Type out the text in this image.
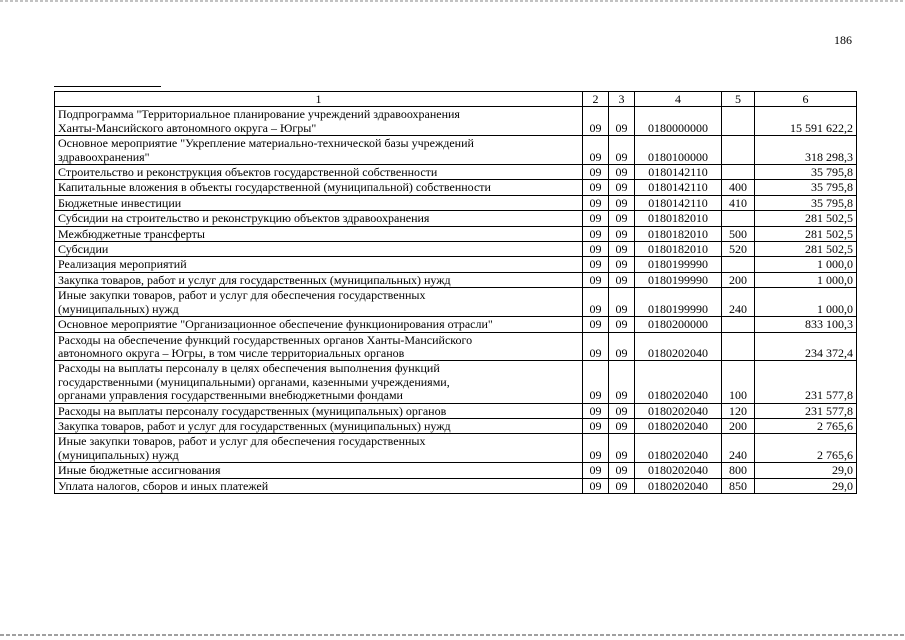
186
1	2	3	4	5	6

Подпрограмма "Территориальное планирование учреждений здравоохранения
Ханты-Мансийского автономного округа – Югры"	09	09	0180000000		15 591 622,2

Основное мероприятие "Укрепление материально-технической базы учреждений
здравоохранения"	09	09	0180100000		318 298,3

Строительство и реконструкция объектов государственной собственности	09	09	0180142110		35 795,8

Капитальные вложения в объекты государственной (муниципальной) собственности	09	09	0180142110	400	35 795,8

Бюджетные инвестиции	09	09	0180142110	410	35 795,8

Субсидии на строительство и реконструкцию объектов здравоохранения	09	09	0180182010		281 502,5

Межбюджетные трансферты	09	09	0180182010	500	281 502,5

Субсидии	09	09	0180182010	520	281 502,5

Реализация мероприятий	09	09	0180199990		1 000,0

Закупка товаров, работ и услуг для государственных (муниципальных) нужд	09	09	0180199990	200	1 000,0

Иные закупки товаров, работ и услуг для обеспечения государственных
(муниципальных) нужд	09	09	0180199990	240	1 000,0

Основное мероприятие "Организационное обеспечение функционирования отрасли"	09	09	0180200000		833 100,3

Расходы на обеспечение функций государственных органов Ханты-Мансийского
автономного округа – Югры, в том числе территориальных органов	09	09	0180202040		234 372,4

Расходы на выплаты персоналу в целях обеспечения выполнения функций
государственными (муниципальными) органами, казенными учреждениями,
органами управления государственными внебюджетными фондами	09	09	0180202040	100	231 577,8

Расходы на выплаты персоналу государственных (муниципальных) органов	09	09	0180202040	120	231 577,8

Закупка товаров, работ и услуг для государственных (муниципальных) нужд	09	09	0180202040	200	2 765,6

Иные закупки товаров, работ и услуг для обеспечения государственных
(муниципальных) нужд	09	09	0180202040	240	2 765,6

Иные бюджетные ассигнования	09	09	0180202040	800	29,0

Уплата налогов, сборов и иных платежей	09	09	0180202040	850	29,0
